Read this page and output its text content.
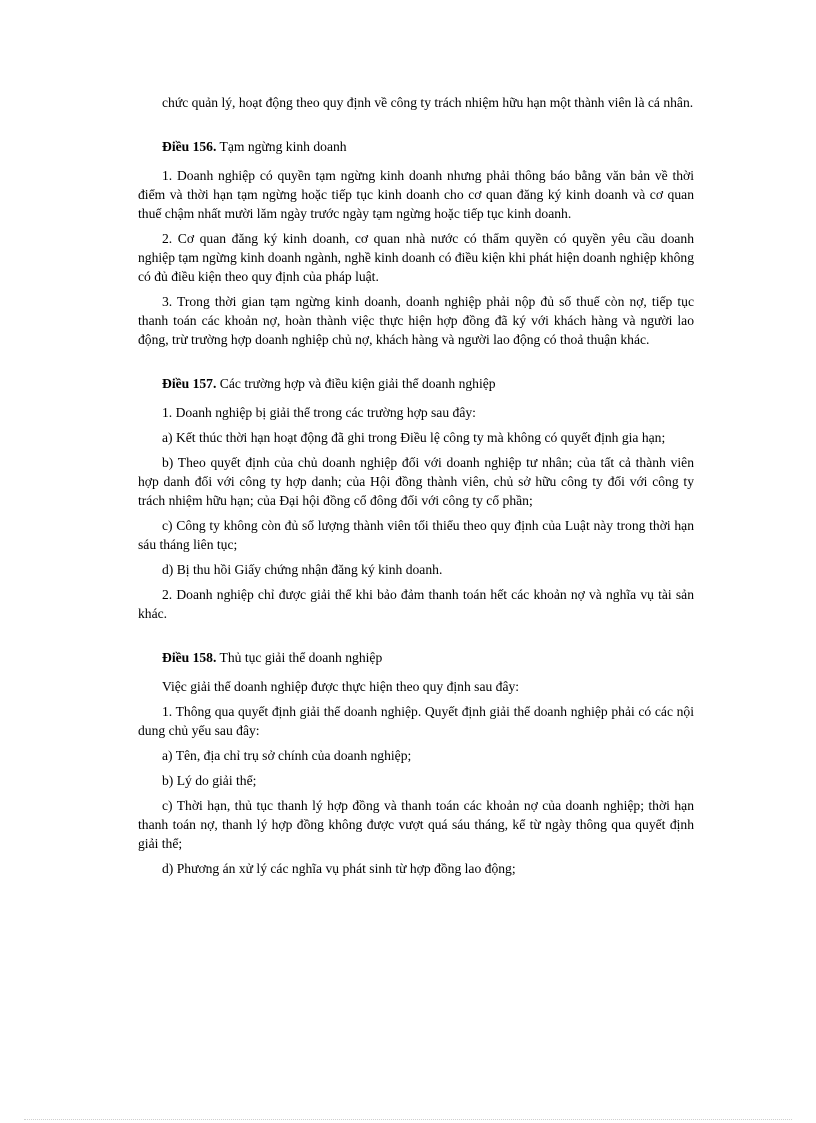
chức quản lý, hoạt động theo quy định về công ty trách nhiệm hữu hạn một thành viên là cá nhân.

Điều 156. Tạm ngừng kinh doanh

1. Doanh nghiệp có quyền tạm ngừng kinh doanh nhưng phải thông báo bằng văn bản về thời điểm và thời hạn tạm ngừng hoặc tiếp tục kinh doanh cho cơ quan đăng ký kinh doanh và cơ quan thuế chậm nhất mười lăm ngày trước ngày tạm ngừng hoặc tiếp tục kinh doanh.

2. Cơ quan đăng ký kinh doanh, cơ quan nhà nước có thẩm quyền có quyền yêu cầu doanh nghiệp tạm ngừng kinh doanh ngành, nghề kinh doanh có điều kiện khi phát hiện doanh nghiệp không có đủ điều kiện theo quy định của pháp luật.

3. Trong thời gian tạm ngừng kinh doanh, doanh nghiệp phải nộp đủ số thuế còn nợ, tiếp tục thanh toán các khoản nợ, hoàn thành việc thực hiện hợp đồng đã ký với khách hàng và người lao động, trừ trường hợp doanh nghiệp chủ nợ, khách hàng và người lao động có thoả thuận khác.

Điều 157. Các trường hợp và điều kiện giải thể doanh nghiệp

1. Doanh nghiệp bị giải thể trong các trường hợp sau đây:

a) Kết thúc thời hạn hoạt động đã ghi trong Điều lệ công ty mà không có quyết định gia hạn;

b) Theo quyết định của chủ doanh nghiệp đối với doanh nghiệp tư nhân; của tất cả thành viên hợp danh đối với công ty hợp danh; của Hội đồng thành viên, chủ sở hữu công ty đối với công ty trách nhiệm hữu hạn; của Đại hội đồng cổ đông đối với công ty cổ phần;

c) Công ty không còn đủ số lượng thành viên tối thiểu theo quy định của Luật này trong thời hạn sáu tháng liên tục;

d) Bị thu hồi Giấy chứng nhận đăng ký kinh doanh.

2. Doanh nghiệp chỉ được giải thể khi bảo đảm thanh toán hết các khoản nợ và nghĩa vụ tài sản khác.

Điều 158. Thủ tục giải thể doanh nghiệp

Việc giải thể doanh nghiệp được thực hiện theo quy định sau đây:

1. Thông qua quyết định giải thể doanh nghiệp. Quyết định giải thể doanh nghiệp phải có các nội dung chủ yếu sau đây:

a) Tên, địa chỉ trụ sở chính của doanh nghiệp;

b) Lý do giải thể;

c) Thời hạn, thủ tục thanh lý hợp đồng và thanh toán các khoản nợ của doanh nghiệp; thời hạn thanh toán nợ, thanh lý hợp đồng không được vượt quá sáu tháng, kể từ ngày thông qua quyết định giải thể;

d) Phương án xử lý các nghĩa vụ phát sinh từ hợp đồng lao động;
